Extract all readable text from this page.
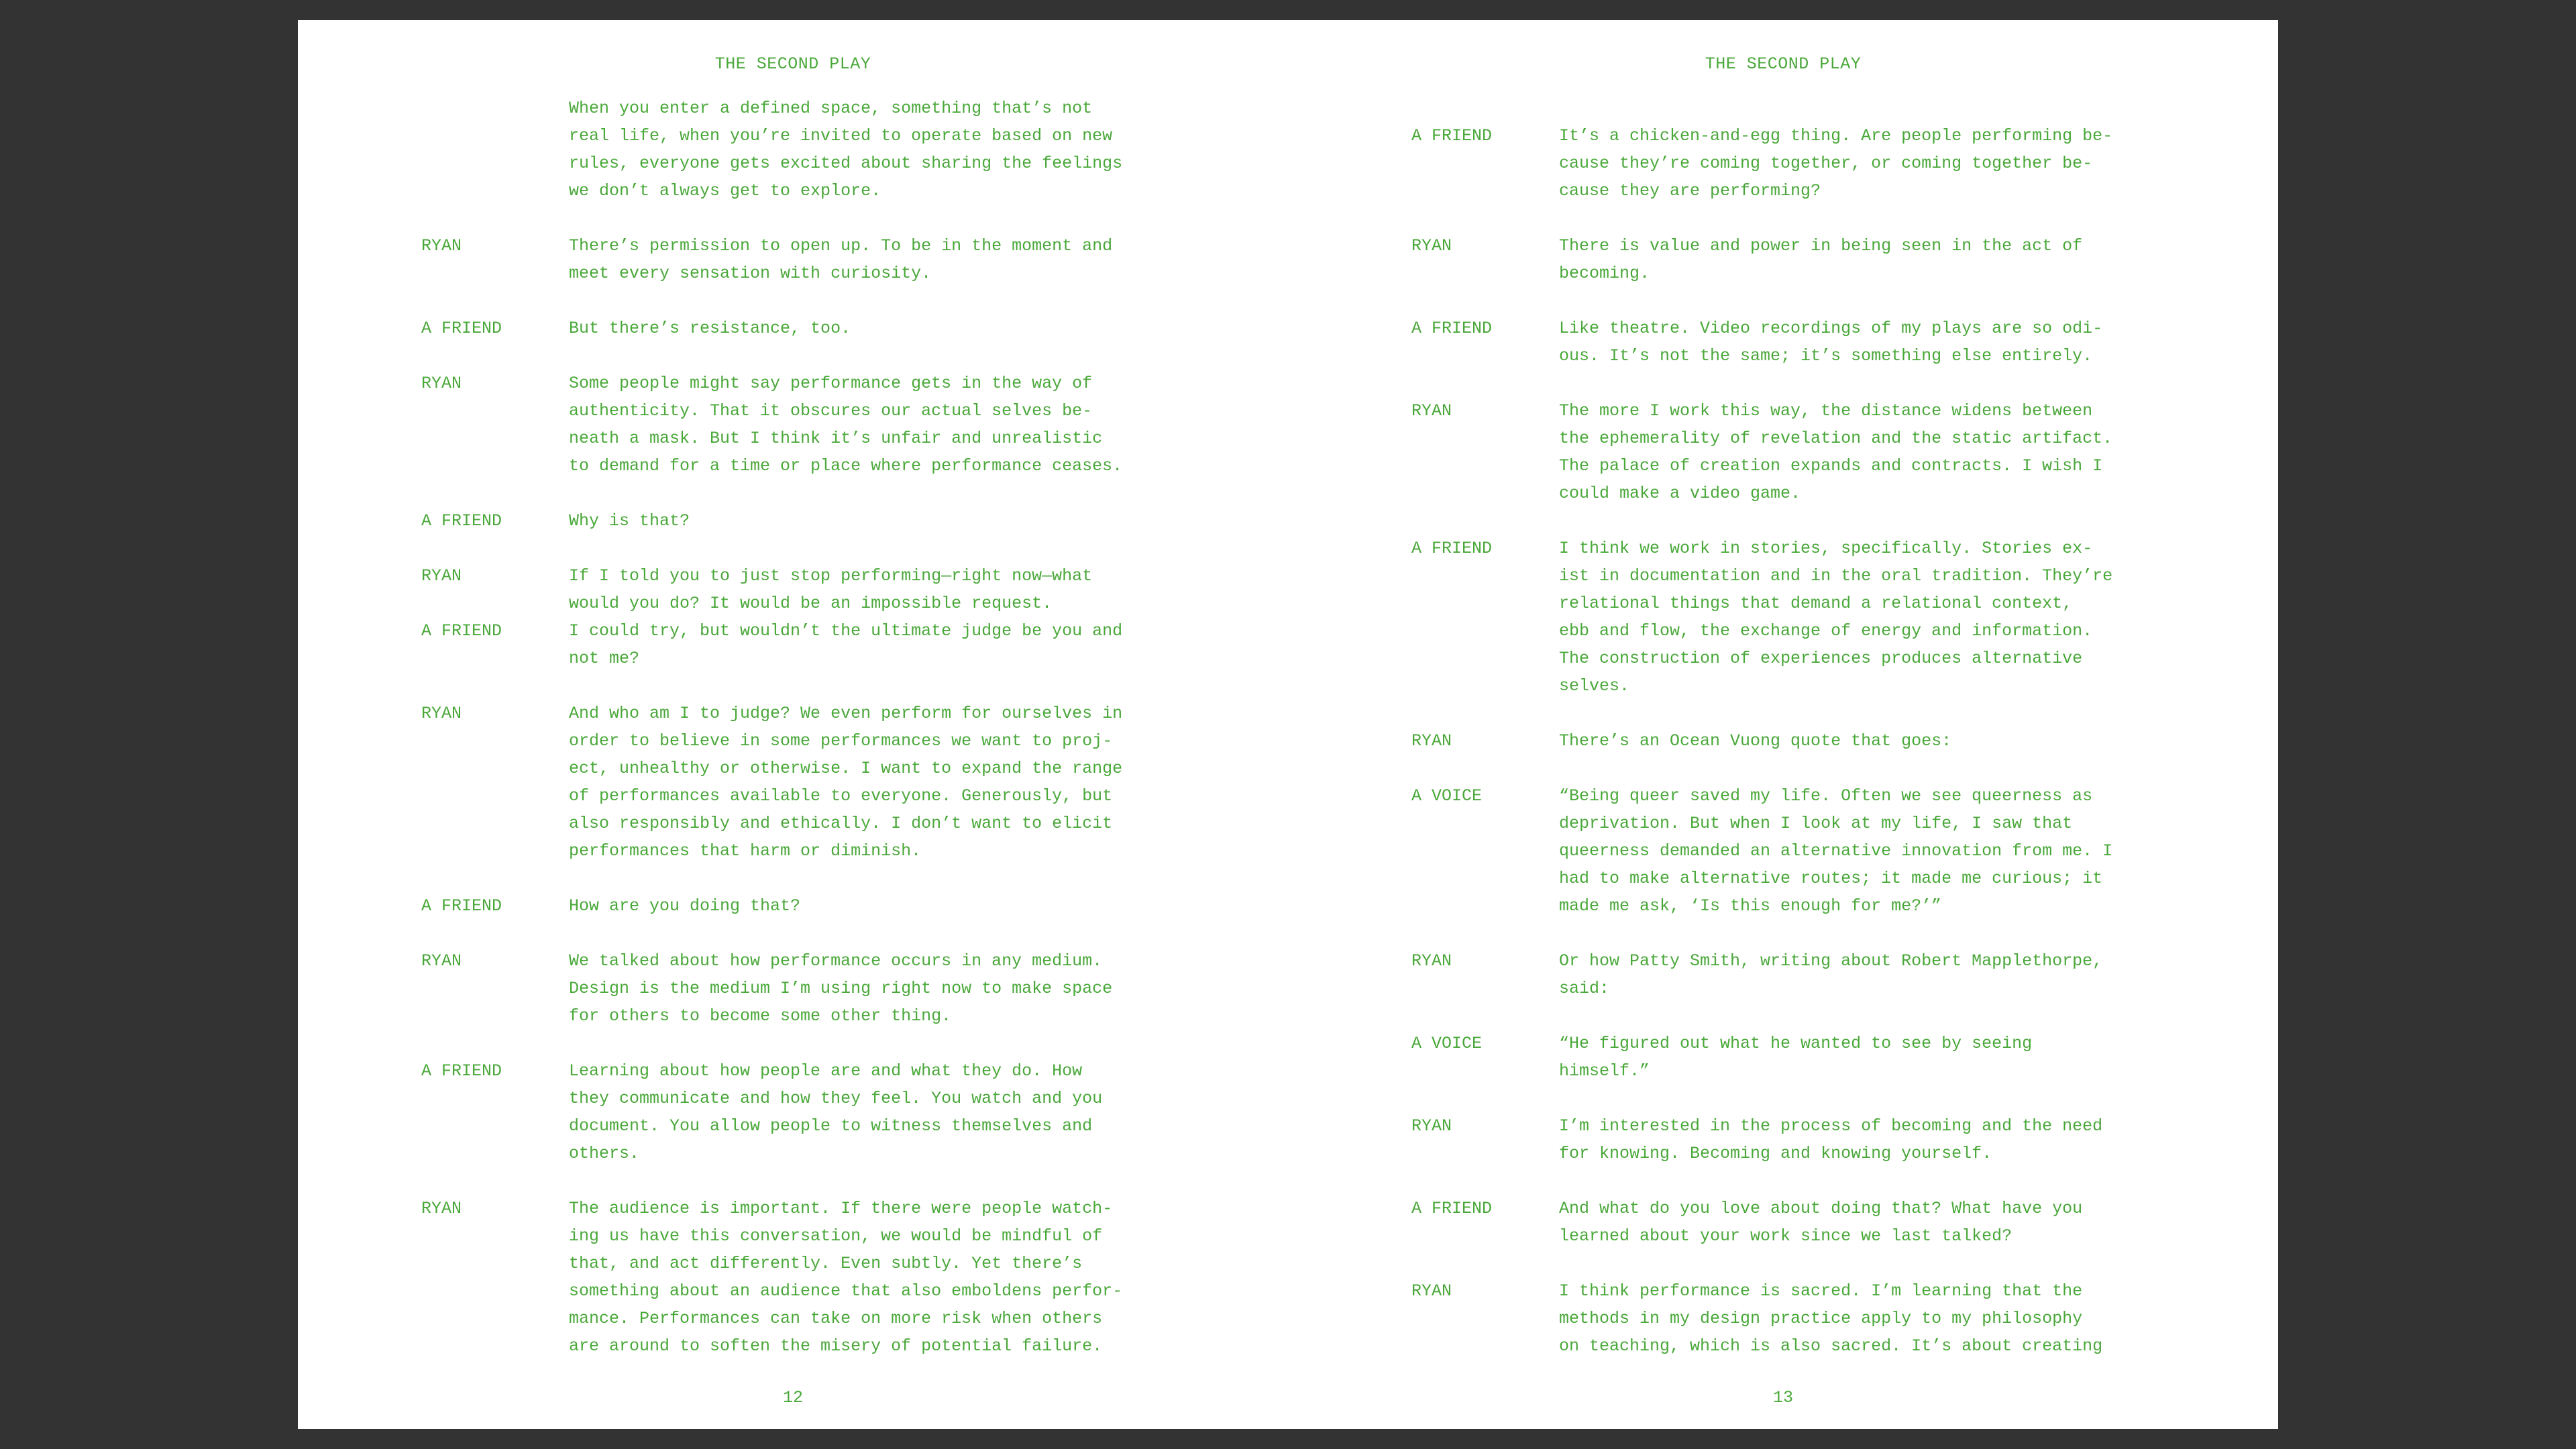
THE SECOND PLAY
When you enter a defined space, something that’s not
real life, when you’re invited to operate based on new
rules, everyone gets excited about sharing the feelings
we don’t always get to explore.
RYAN	There’s permission to open up. To be in the moment and
meet every sensation with curiosity.
A FRIEND	But there’s resistance, too.
RYAN	Some people might say performance gets in the way of
authenticity. That it obscures our actual selves be-
neath a mask. But I think it’s unfair and unrealistic
to demand for a time or place where performance ceases.
A FRIEND	Why is that?
RYAN	If I told you to just stop performing—right now—what
would you do? It would be an impossible request.
A FRIEND	I could try, but wouldn’t the ultimate judge be you and
not me?
RYAN	And who am I to judge? We even perform for ourselves in
order to believe in some performances we want to proj-
ect, unhealthy or otherwise. I want to expand the range
of performances available to everyone. Generously, but
also responsibly and ethically. I don’t want to elicit
performances that harm or diminish.
A FRIEND	How are you doing that?
RYAN	We talked about how performance occurs in any medium.
Design is the medium I’m using right now to make space
for others to become some other thing.
A FRIEND	Learning about how people are and what they do. How
they communicate and how they feel. You watch and you
document. You allow people to witness themselves and
others.
RYAN	The audience is important. If there were people watch-
ing us have this conversation, we would be mindful of
that, and act differently. Even subtly. Yet there’s
something about an audience that also emboldens perfor-
mance. Performances can take on more risk when others
are around to soften the misery of potential failure.
12
THE SECOND PLAY
A FRIEND	It’s a chicken-and-egg thing. Are people performing be-
cause they’re coming together, or coming together be-
cause they are performing?
RYAN	There is value and power in being seen in the act of
becoming.
A FRIEND	Like theatre. Video recordings of my plays are so odi-
ous. It’s not the same; it’s something else entirely.
RYAN	The more I work this way, the distance widens between
the ephemerality of revelation and the static artifact.
The palace of creation expands and contracts. I wish I
could make a video game.
A FRIEND	I think we work in stories, specifically. Stories ex-
ist in documentation and in the oral tradition. They’re
relational things that demand a relational context,
ebb and flow, the exchange of energy and information.
The construction of experiences produces alternative
selves.
RYAN	There’s an Ocean Vuong quote that goes:
A VOICE	“Being queer saved my life. Often we see queerness as
deprivation. But when I look at my life, I saw that
queerness demanded an alternative innovation from me. I
had to make alternative routes; it made me curious; it
made me ask, ‘Is this enough for me?’”
RYAN	Or how Patty Smith, writing about Robert Mapplethorpe,
said:
A VOICE	“He figured out what he wanted to see by seeing
himself.”
RYAN	I’m interested in the process of becoming and the need
for knowing. Becoming and knowing yourself.
A FRIEND	And what do you love about doing that? What have you
learned about your work since we last talked?
RYAN	I think performance is sacred. I’m learning that the
methods in my design practice apply to my philosophy
on teaching, which is also sacred. It’s about creating
13
